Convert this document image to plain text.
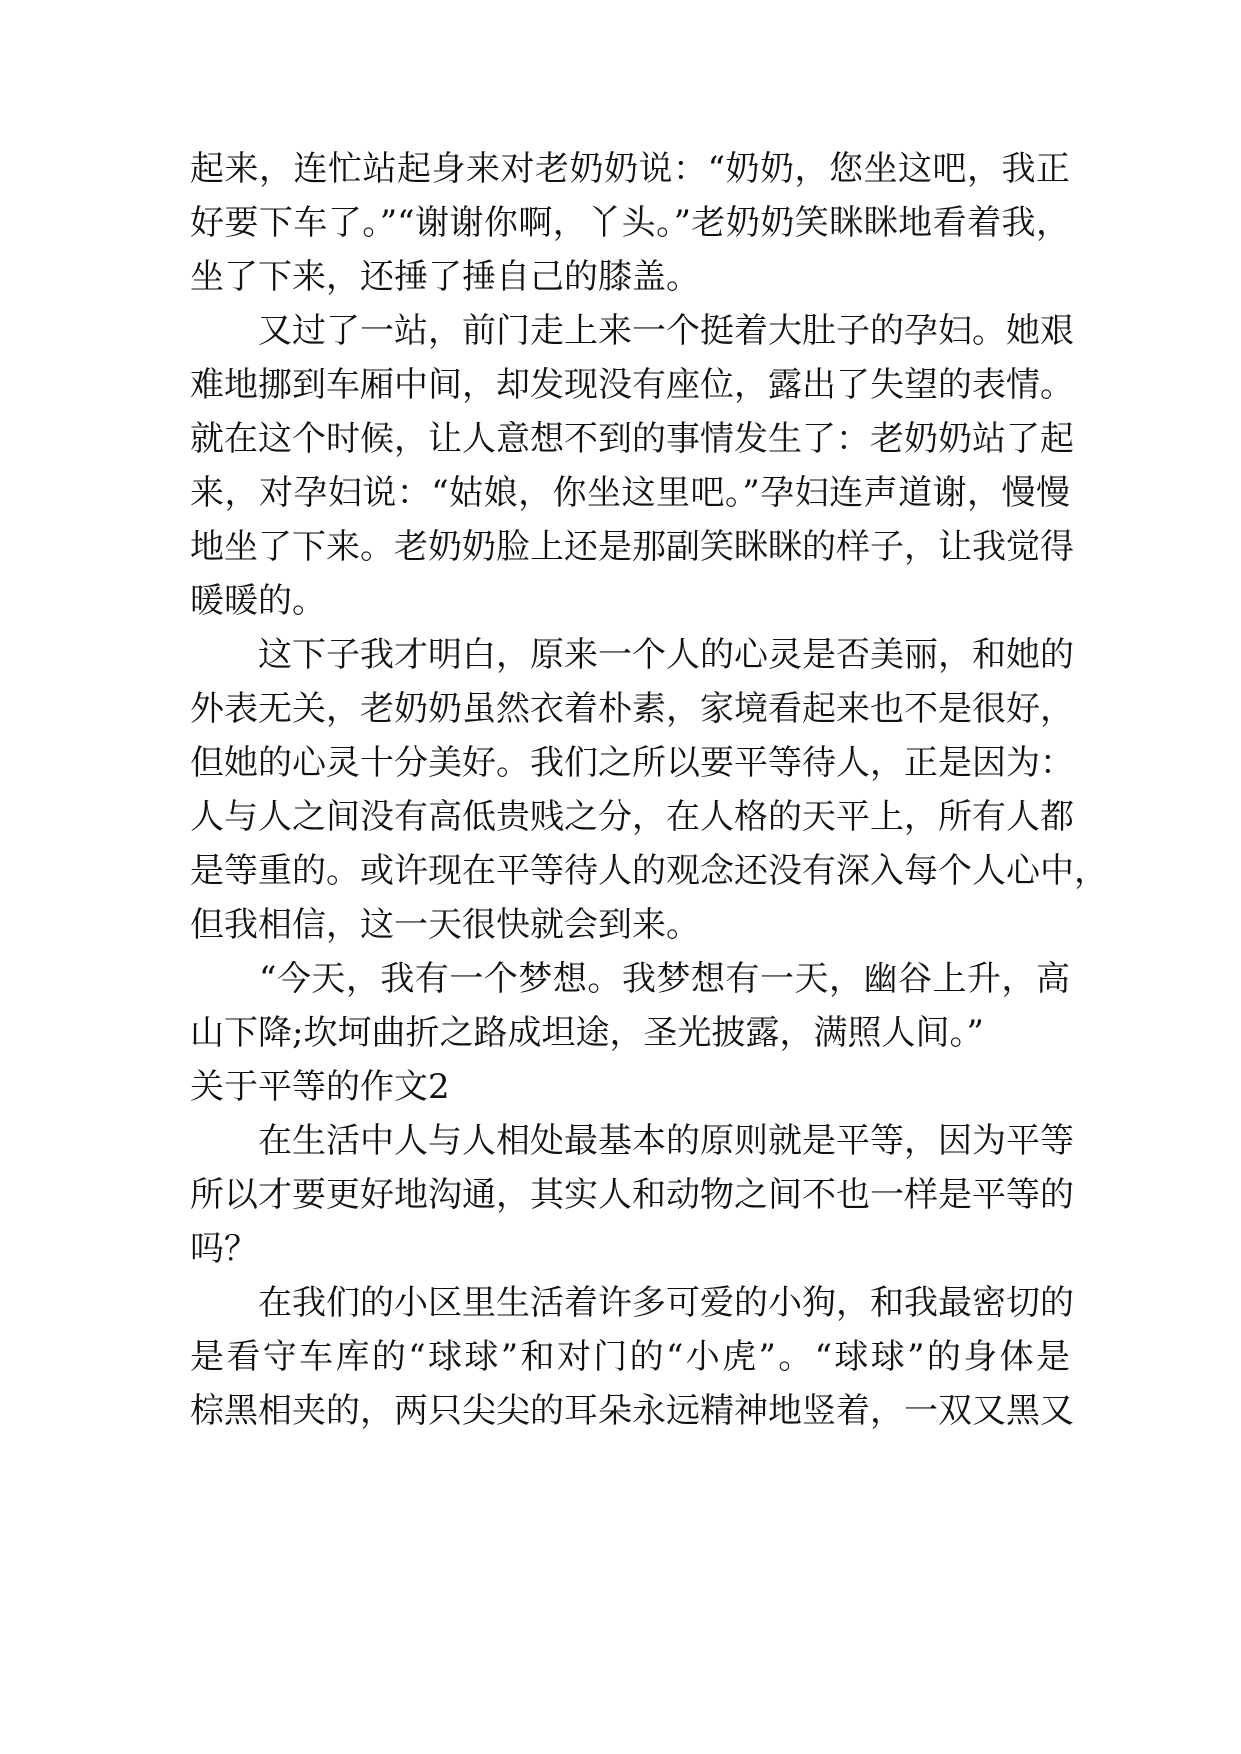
起来，连忙站起身来对老奶奶说：“奶奶，您坐这吧，我正
好要下车了。”“谢谢你啊，丫头。”老奶奶笑眯眯地看着我，
坐了下来，还捶了捶自己的膝盖。
　　又过了一站，前门走上来一个挺着大肚子的孕妇。她艰
难地挪到车厢中间，却发现没有座位，露出了失望的表情。
就在这个时候，让人意想不到的事情发生了：老奶奶站了起
来，对孕妇说：“姑娘，你坐这里吧。”孕妇连声道谢，慢慢
地坐了下来。老奶奶脸上还是那副笑眯眯的样子，让我觉得
暖暖的。
　　这下子我才明白，原来一个人的心灵是否美丽，和她的
外表无关，老奶奶虽然衣着朴素，家境看起来也不是很好，
但她的心灵十分美好。我们之所以要平等待人，正是因为：
人与人之间没有高低贵贱之分，在人格的天平上，所有人都
是等重的。或许现在平等待人的观念还没有深入每个人心中，
但我相信，这一天很快就会到来。
　　“今天，我有一个梦想。我梦想有一天，幽谷上升，高
山下降;坎坷曲折之路成坦途，圣光披露，满照人间。”
关于平等的作文2
　　在生活中人与人相处最基本的原则就是平等，因为平等
所以才要更好地沟通，其实人和动物之间不也一样是平等的
吗？
　　在我们的小区里生活着许多可爱的小狗，和我最密切的
是看守车库的“球球”和对门的“小虎”。“球球”的身体是
棕黑相夹的，两只尖尖的耳朵永远精神地竖着，一双又黑又
